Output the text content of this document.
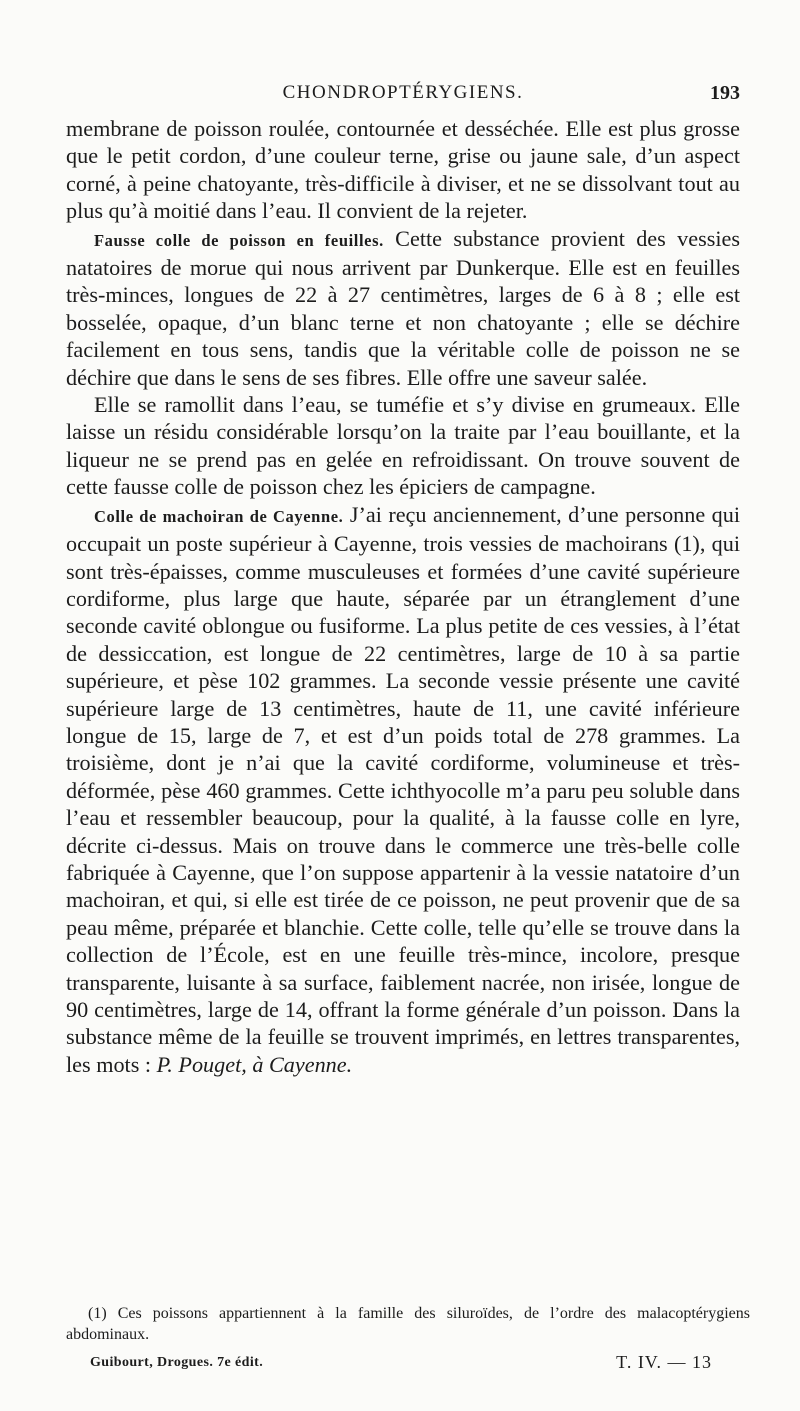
CHONDROPTÉRYGIENS.	193

membrane de poisson roulée, contournée et desséchée. Elle est plus grosse que le petit cordon, d’une couleur terne, grise ou jaune sale, d’un aspect corné, à peine chatoyante, très-difficile à diviser, et ne se dissolvant tout au plus qu’à moitié dans l’eau. Il convient de la rejeter.

Fausse colle de poisson en feuilles. Cette substance provient des vessies natatoires de morue qui nous arrivent par Dunkerque. Elle est en feuilles très-minces, longues de 22 à 27 centimètres, larges de 6 à 8 ; elle est bosselée, opaque, d’un blanc terne et non chatoyante ; elle se déchire facilement en tous sens, tandis que la véritable colle de poisson ne se déchire que dans le sens de ses fibres. Elle offre une saveur salée.

Elle se ramollit dans l’eau, se tuméfie et s’y divise en grumeaux. Elle laisse un résidu considérable lorsqu’on la traite par l’eau bouillante, et la liqueur ne se prend pas en gelée en refroidissant. On trouve souvent de cette fausse colle de poisson chez les épiciers de campagne.

Colle de machoiran de Cayenne. J’ai reçu anciennement, d’une personne qui occupait un poste supérieur à Cayenne, trois vessies de machoirans (1), qui sont très-épaisses, comme musculeuses et formées d’une cavité supérieure cordiforme, plus large que haute, séparée par un étranglement d’une seconde cavité oblongue ou fusiforme. La plus petite de ces vessies, à l’état de dessiccation, est longue de 22 centimètres, large de 10 à sa partie supérieure, et pèse 102 grammes. La seconde vessie présente une cavité supérieure large de 13 centimètres, haute de 11, une cavité inférieure longue de 15, large de 7, et est d’un poids total de 278 grammes. La troisième, dont je n’ai que la cavité cordiforme, volumineuse et très-déformée, pèse 460 grammes. Cette ichthyocolle m’a paru peu soluble dans l’eau et ressembler beaucoup, pour la qualité, à la fausse colle en lyre, décrite ci-dessus. Mais on trouve dans le commerce une très-belle colle fabriquée à Cayenne, que l’on suppose appartenir à la vessie natatoire d’un machoiran, et qui, si elle est tirée de ce poisson, ne peut provenir que de sa peau même, préparée et blanchie. Cette colle, telle qu’elle se trouve dans la collection de l’École, est en une feuille très-mince, incolore, presque transparente, luisante à sa surface, faiblement nacrée, non irisée, longue de 90 centimètres, large de 14, offrant la forme générale d’un poisson. Dans la substance même de la feuille se trouvent imprimés, en lettres transparentes, les mots : P. Pouget, à Cayenne.

(1) Ces poissons appartiennent à la famille des siluroïdes, de l’ordre des malacoptérygiens abdominaux.

Guibourt, Drogues. 7e édit.	T. IV. — 13
